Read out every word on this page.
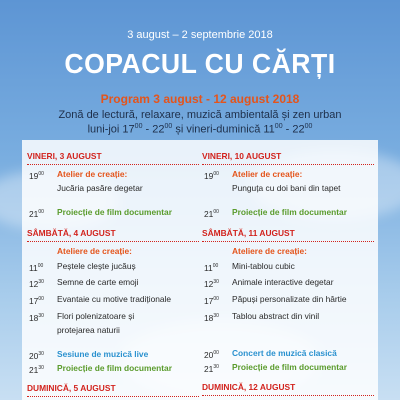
3 august – 2 septembrie 2018
COPACUL CU CĂRȚI
Program 3 august - 12 august 2018
Zonă de lectură, relaxare, muzică ambientală și zen urban
luni-joi $17^{00} - 22^{00}$ și vineri-duminică $11^{00} - 22^{00}$
VINERI, 3 AUGUST
$19^{00}$	Atelier de creație:
Jucăria pasăre degetar
$21^{00}$	Proiecție de film documentar
SÂMBĂTĂ, 4 AUGUST
Ateliere de creație:
$11^{00}$	Peștele clește jucăuș
$12^{30}$	Semne de carte emoji
$17^{00}$	Evantaie cu motive tradiționale
$18^{30}$	Flori polenizatoare și
protejarea naturii
$20^{30}$	Sesiune de muzică live
$21^{30}$	Proiecție de film documentar
DUMINICĂ, 5 AUGUST
VINERI, 10 AUGUST
$19^{00}$	Atelier de creație:
Punguța cu doi bani din tapet
$21^{00}$	Proiecție de film documentar
SÂMBĂTĂ, 11 AUGUST
Ateliere de creație:
$11^{00}$	Mini-tablou cubic
$12^{30}$	Animale interactive degetar
$17^{00}$	Păpuși personalizate din hârtie
$18^{30}$	Tablou abstract din vinil
$20^{00}$	Concert de muzică clasică
$21^{30}$	Proiecție de film documentar
DUMINICĂ, 12 AUGUST
